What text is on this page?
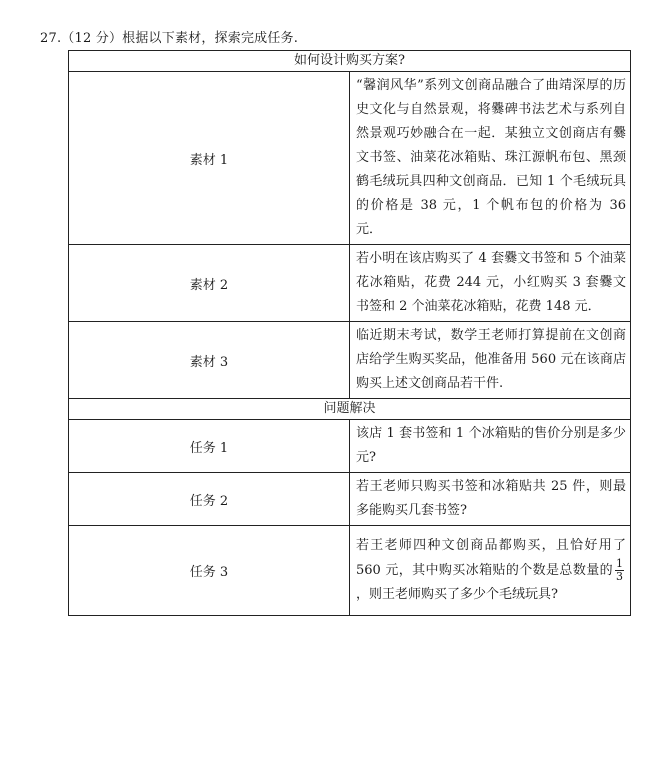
27.（12 分）根据以下素材，探索完成任务.
如何设计购买方案?	
素材 1	“馨润风华”系列文创商品融合了曲靖深厚的历史文化与自然景观，将爨碑书法艺术与系列自然景观巧妙融合在一起．某独立文创商店有爨文书签、油菜花冰箱贴、珠江源帆布包、黑颈鹤毛绒玩具四种文创商品．已知 1 个毛绒玩具的价格是 38 元，1 个帆布包的价格为 36 元．
素材 2	若小明在该店购买了 4 套爨文书签和 5 个油菜花冰箱贴，花费 244 元，小红购买 3 套爨文书签和 2 个油菜花冰箱贴，花费 148 元．
素材 3	临近期末考试，数学王老师打算提前在文创商店给学生购买奖品，他准备用 560 元在该商店购买上述文创商品若干件.
问题解决	
任务 1	该店 1 套书签和 1 个冰箱贴的售价分别是多少元?
任务 2	若王老师只购买书签和冰箱贴共 25 件，则最多能购买几套书签?
任务 3	若王老师四种文创商品都购买，且恰好用了 560 元，其中购买冰箱贴的个数是总数量的 $\frac{1}{3}$
，则王老师购买了多少个毛绒玩具?
